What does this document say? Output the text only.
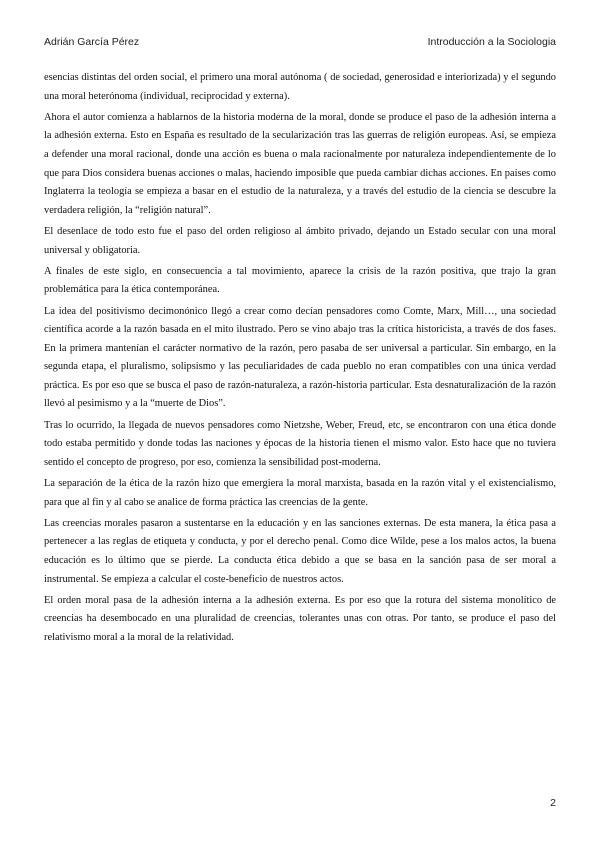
Adrián García Pérez	Introducción a la Sociologia

esencias distintas del orden social, el primero una moral autónoma ( de sociedad, generosidad e interiorizada) y el segundo una moral heterónoma (individual, reciprocidad y externa).

Ahora el autor comienza a hablarnos de la historia moderna de la moral, donde se produce el paso de la adhesión interna a la adhesión externa. Esto en España es resultado de la secularización tras las guerras de religión europeas. Así, se empieza a defender una moral racional, donde una acción es buena o mala racionalmente por naturaleza independientemente de lo que para Dios considera buenas acciones o malas, haciendo imposible que pueda cambiar dichas acciones. En países como Inglaterra la teología se empieza a basar en el estudio de la naturaleza, y a través del estudio de la ciencia se descubre la verdadera religión, la “religión natural”.

El desenlace de todo esto fue el paso del orden religioso al ámbito privado, dejando un Estado secular con una moral universal y obligatoria.

A finales de este siglo, en consecuencia a tal movimiento, aparece la crisis de la razón positiva, que trajo la gran problemática para la ética contemporánea.

La idea del positivismo decimonónico llegó a crear como decían pensadores como Comte, Marx, Mill…, una sociedad científica acorde a la razón basada en el mito ilustrado. Pero se vino abajo tras la crítica historicista, a través de dos fases. En la primera mantenían el carácter normativo de la razón, pero pasaba de ser universal a particular. Sin embargo, en la segunda etapa, el pluralismo, solipsismo y las peculiaridades de cada pueblo no eran compatibles con una única verdad práctica. Es por eso que se busca el paso de razón-naturaleza, a razón-historia particular. Esta desnaturalización de la razón llevó al pesimismo y a la “muerte de Dios”.

Tras lo ocurrido, la llegada de nuevos pensadores como Nietzshe, Weber, Freud, etc, se encontraron con una ética donde todo estaba permitido y donde todas las naciones y épocas de la historia tienen el mismo valor. Esto hace que no tuviera sentido el concepto de progreso, por eso, comienza la sensibilidad post-moderna.

La separación de la ética de la razón hizo que emergiera la moral marxista, basada en la razón vital y el existencialismo, para que al fin y al cabo se analice de forma práctica las creencias de la gente.

Las creencias morales pasaron a sustentarse en la educación y en las sanciones externas. De esta manera, la ética pasa a pertenecer a las reglas de etiqueta y conducta, y por el derecho penal. Como dice Wilde, pese a los malos actos, la buena educación es lo último que se pierde. La conducta ética debido a que se basa en la sanción pasa de ser moral a instrumental. Se empieza a calcular el coste-beneficio de nuestros actos.

El orden moral pasa de la adhesión interna a la adhesión externa. Es por eso que la rotura del sistema monolítico de creencias ha desembocado en una pluralidad de creencias, tolerantes unas con otras. Por tanto, se produce el paso del relativismo moral a la moral de la relatividad.

2
